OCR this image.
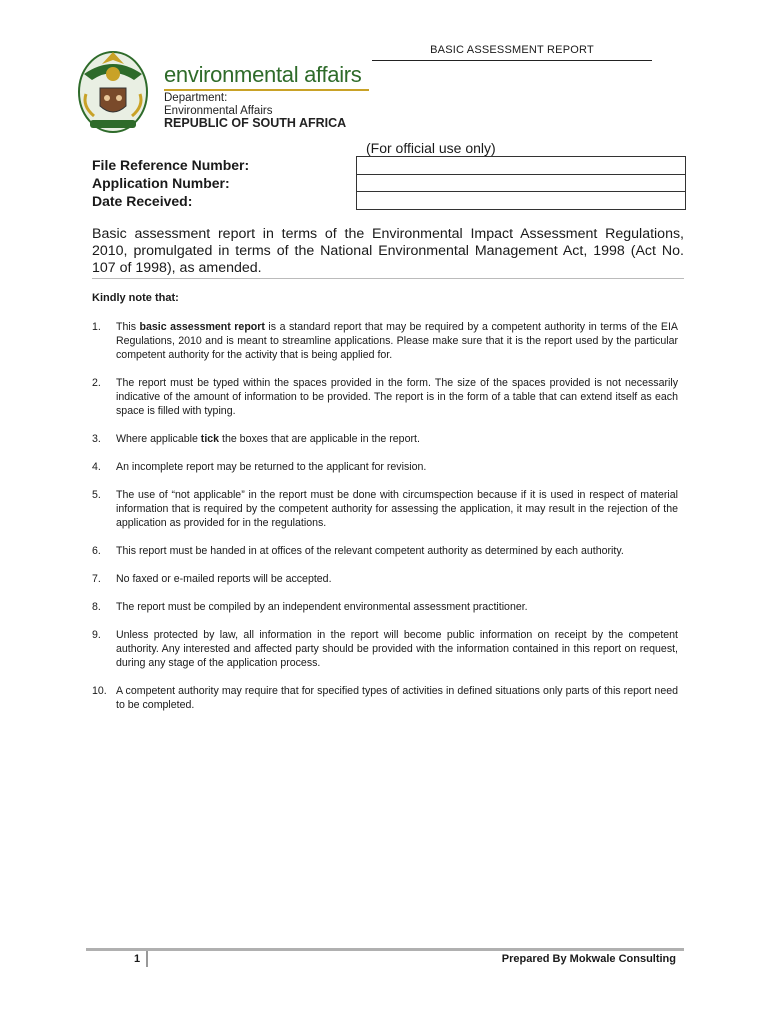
BASIC ASSESSMENT REPORT
environmental affairs
Department:
Environmental Affairs
REPUBLIC OF SOUTH AFRICA
(For official use only)
File Reference Number:
Application Number:
Date Received:
Basic assessment report in terms of the Environmental Impact Assessment Regulations, 2010, promulgated in terms of the National Environmental Management Act, 1998 (Act No. 107 of 1998), as amended.
Kindly note that:
1. This basic assessment report is a standard report that may be required by a competent authority in terms of the EIA Regulations, 2010 and is meant to streamline applications. Please make sure that it is the report used by the particular competent authority for the activity that is being applied for.
2. The report must be typed within the spaces provided in the form. The size of the spaces provided is not necessarily indicative of the amount of information to be provided. The report is in the form of a table that can extend itself as each space is filled with typing.
3. Where applicable tick the boxes that are applicable in the report.
4. An incomplete report may be returned to the applicant for revision.
5. The use of “not applicable” in the report must be done with circumspection because if it is used in respect of material information that is required by the competent authority for assessing the application, it may result in the rejection of the application as provided for in the regulations.
6. This report must be handed in at offices of the relevant competent authority as determined by each authority.
7. No faxed or e-mailed reports will be accepted.
8. The report must be compiled by an independent environmental assessment practitioner.
9. Unless protected by law, all information in the report will become public information on receipt by the competent authority. Any interested and affected party should be provided with the information contained in this report on request, during any stage of the application process.
10. A competent authority may require that for specified types of activities in defined situations only parts of this report need to be completed.
1	Prepared By Mokwale Consulting
